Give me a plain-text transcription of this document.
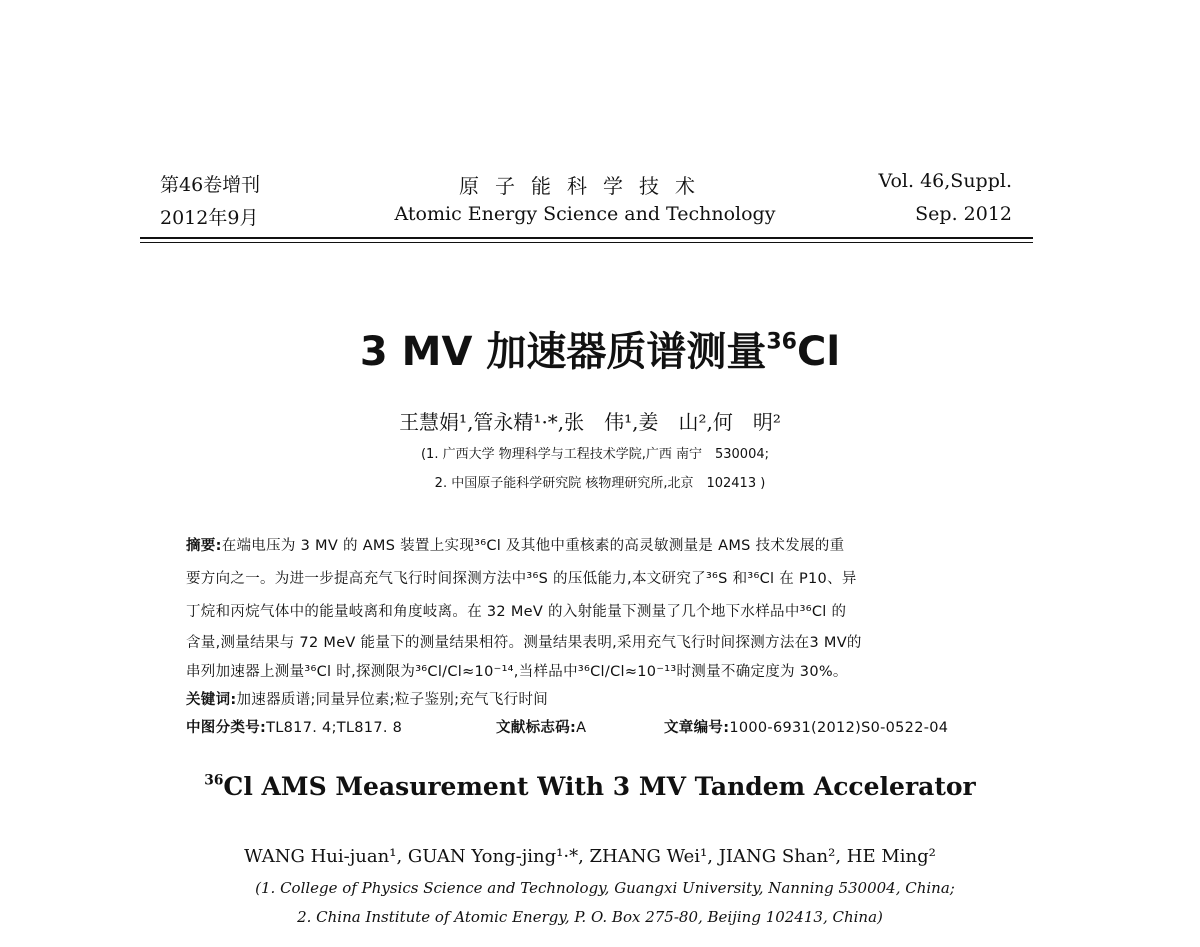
第46卷增刊
2012年9月
原子能科学技术
Atomic Energy Science and Technology
Vol. 46,Suppl.
Sep. 2012
3 MV 加速器质谱测量$^{36}$Cl
王慧娟¹,管永精¹·*,张　伟¹,姜　山²,何　明²
(1. 广西大学 物理科学与工程技术学院,广西 南宁　530004;
2. 中国原子能科学研究院 核物理研究所,北京　102413 )
摘要:在端电压为 3 MV 的 AMS 装置上实现³⁶Cl 及其他中重核素的高灵敏测量是 AMS 技术发展的重
要方向之一。为进一步提高充气飞行时间探测方法中³⁶S 的压低能力,本文研究了³⁶S 和³⁶Cl 在 P10、异
丁烷和丙烷气体中的能量岐离和角度岐离。在 32 MeV 的入射能量下测量了几个地下水样品中³⁶Cl 的
含量,测量结果与 72 MeV 能量下的测量结果相符。测量结果表明,采用充气飞行时间探测方法在3 MV的
串列加速器上测量³⁶Cl 时,探测限为³⁶Cl/Cl≈10⁻¹⁴,当样品中³⁶Cl/Cl≈10⁻¹³时测量不确定度为 30%。
关键词:加速器质谱;同量异位素;粒子鉴别;充气飞行时间
中图分类号:TL817. 4;TL817. 8	文献标志码:A	文章编号:1000-6931(2012)S0-0522-04
$^{36}$Cl AMS Measurement With 3 MV Tandem Accelerator
WANG Hui-juan¹, GUAN Yong-jing¹·*, ZHANG Wei¹, JIANG Shan², HE Ming²
(1. College of Physics Science and Technology, Guangxi University, Nanning 530004, China;
2. China Institute of Atomic Energy, P. O. Box 275-80, Beijing 102413, China)
